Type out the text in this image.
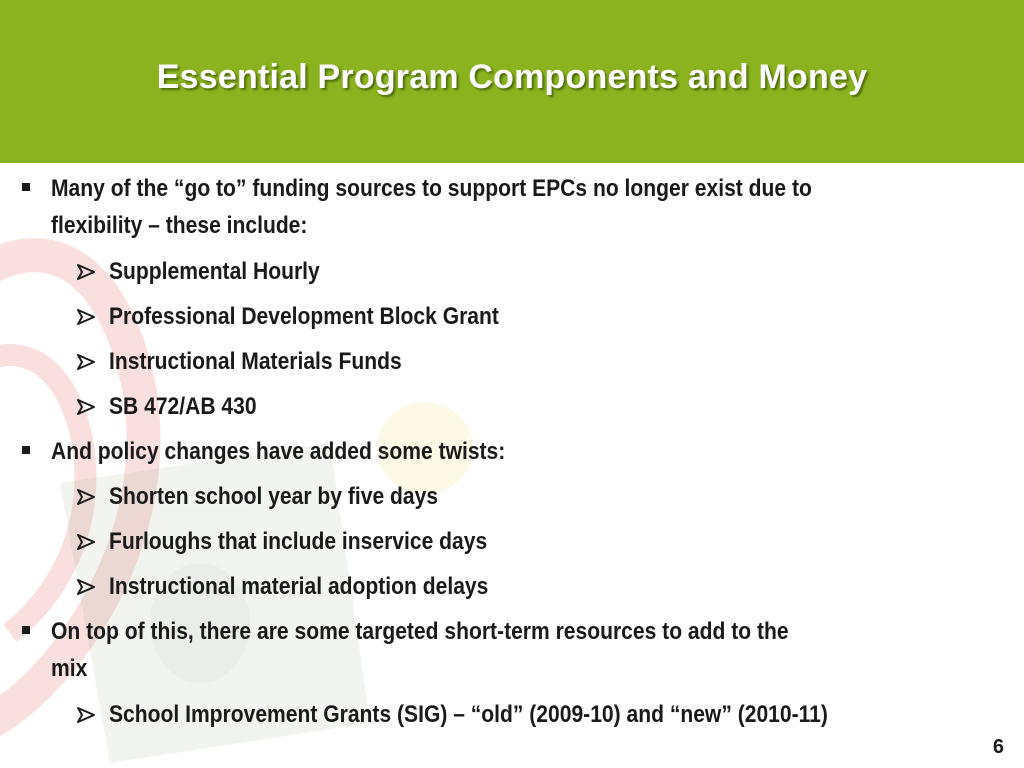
Essential Program Components and Money
Many of the “go to” funding sources to support EPCs no longer exist due to
flexibility – these include:
Supplemental Hourly
Professional Development Block Grant
Instructional Materials Funds
SB 472/AB 430
And policy changes have added some twists:
Shorten school year by five days
Furloughs that include inservice days
Instructional material adoption delays
On top of this, there are some targeted short-term resources to add to the
mix
School Improvement Grants (SIG) – “old” (2009-10) and “new” (2010-11)
6
